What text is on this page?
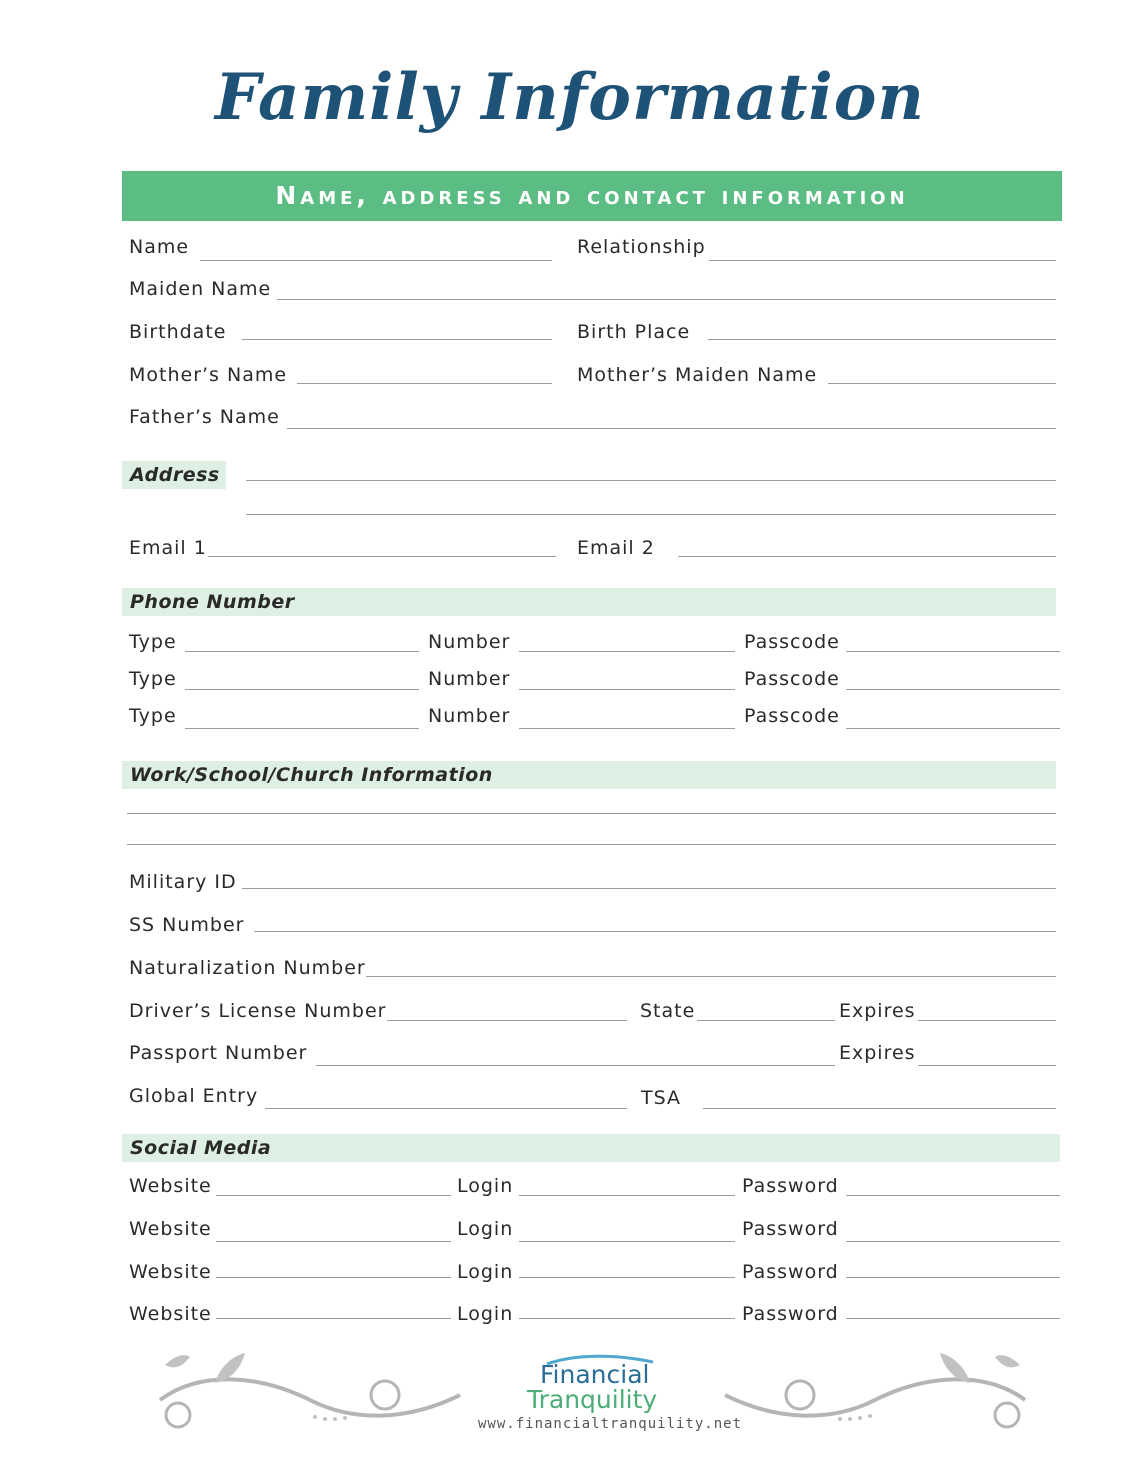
Family Information
Name, address and contact information
Name	Relationship
Maiden Name
Birthdate	Birth Place
Mother’s Name	Mother’s Maiden Name
Father’s Name
Address
Email 1	Email 2
Phone Number
Type	Number	Passcode
Type	Number	Passcode
Type	Number	Passcode
Work/School/Church Information
Military ID
SS Number
Naturalization Number
Driver’s License Number	State	Expires
Passport Number	Expires
Global Entry	TSA
Social Media
Website	Login	Password
Website	Login	Password
Website	Login	Password
Website	Login	Password
Financial
Tranquility
www.financialtranquility.net
